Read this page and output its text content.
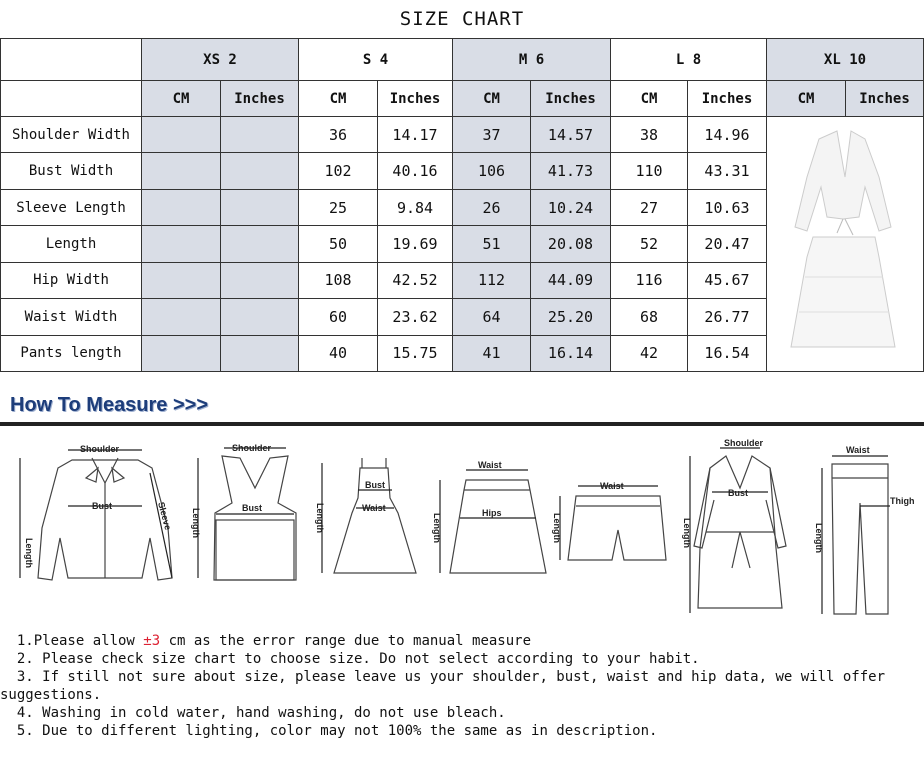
SIZE CHART
	XS 2		S 4		M 6		L 8		XL 10	
	CM	Inches	CM	Inches	CM	Inches	CM	Inches	CM	Inches
Shoulder Width			36	14.17	37	14.57	38	14.96	
Bust Width			102	40.16	106	41.73	110	43.31		
Sleeve Length			25	9.84	26	10.24	27	10.63		
Length			50	19.69	51	20.08	52	20.47		
Hip Width			108	42.52	112	44.09	116	45.67		
Waist Width			60	23.62	64	25.20	68	26.77		
Pants length			40	15.75	41	16.14	42	16.54		
How To Measure >>>
Shoulder
Bust
Length
Sleeve
Shoulder
Bust
Length
Bust
Waist
Length
Waist
Hips
Length
Waist
Length
Shoulder
Bust
Length
Waist
Thigh
Length
1.Please allow ±3 cm as the error range due to manual measure
2. Please check size chart to choose size. Do not select according to your habit.
3. If still not sure about size, please leave us your shoulder, bust, waist and hip data, we will offer
suggestions.
4. Washing in cold water, hand washing, do not use bleach.
5. Due to different lighting, color may not 100% the same as in description.
